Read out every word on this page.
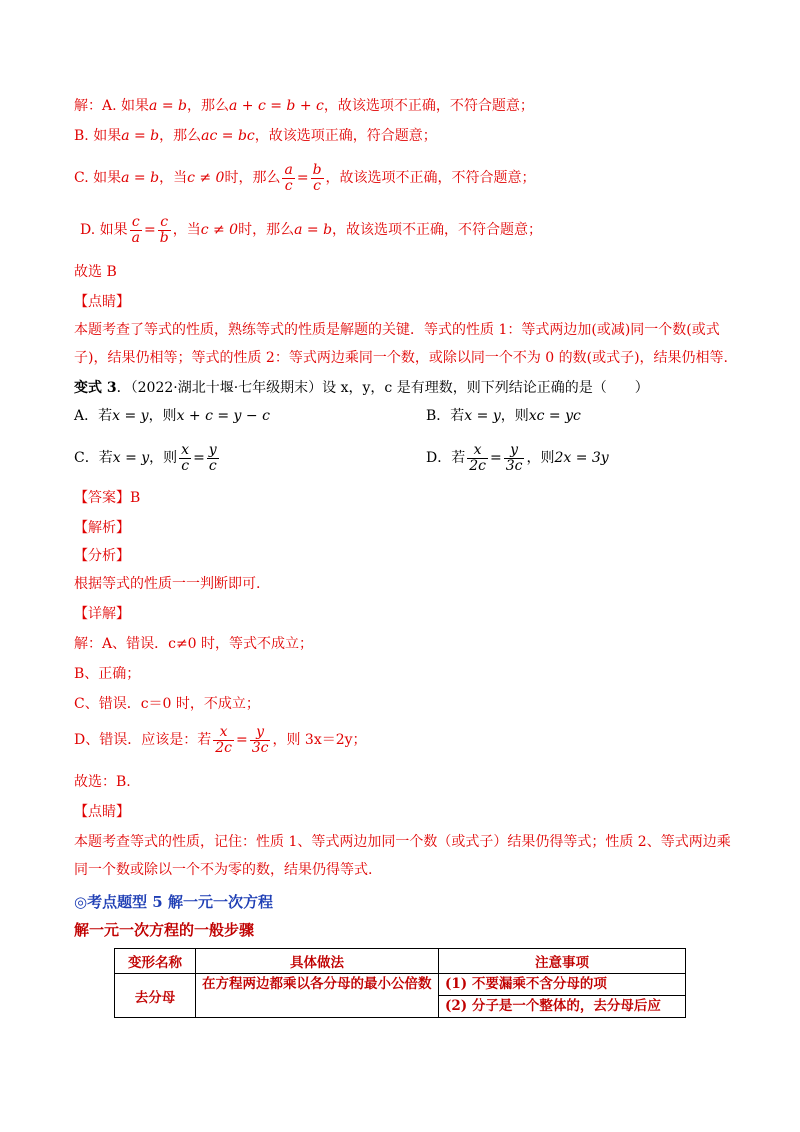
解：A. 如果a = b，那么a + c = b + c，故该选项不正确，不符合题意；
B. 如果a = b，那么ac = bc，故该选项正确，符合题意；
C. 如果a = b，当c ≠ 0时，那么 $\frac{a}{c} = \frac{b}{c}$ ，故该选项不正确，不符合题意；
D. 如果 $\frac{c}{a} = \frac{c}{b}$ ，当c ≠ 0时，那么a = b，故该选项不正确，不符合题意；
故选 B
【点睛】
本题考查了等式的性质，熟练等式的性质是解题的关键．等式的性质 1：等式两边加(或减)同一个数(或式
子)，结果仍相等；等式的性质 2：等式两边乘同一个数，或除以同一个不为 0 的数(或式子)，结果仍相等.
变式 3．（2022·湖北十堰·七年级期末）设 x，y，c 是有理数，则下列结论正确的是（　　）
A．若x = y，则x + c = y − c	B．若x = y，则xc = yc
C．若x = y，则 $\frac{x}{c} = \frac{y}{c}$	D．若 $\frac{x}{2c} = \frac{y}{3c}$ ，则2x = 3y
【答案】B
【解析】
【分析】
根据等式的性质一一判断即可.
【详解】
解：A、错误．c≠0 时，等式不成立；
B、正确；
C、错误．c＝0 时，不成立；
D、错误．应该是：若 $\frac{x}{2c} = \frac{y}{3c}$ ，则 3x＝2y；
故选：B.
【点睛】
本题考查等式的性质，记住：性质 1、等式两边加同一个数（或式子）结果仍得等式；性质 2、等式两边乘
同一个数或除以一个不为零的数，结果仍得等式.
◎考点题型 5 解一元一次方程
解一元一次方程的一般步骤
变形名称	具体做法	注意事项
去分母	在方程两边都乘以各分母的最小公倍数	(1) 不要漏乘不含分母的项
(2) 分子是一个整体的，去分母后应
